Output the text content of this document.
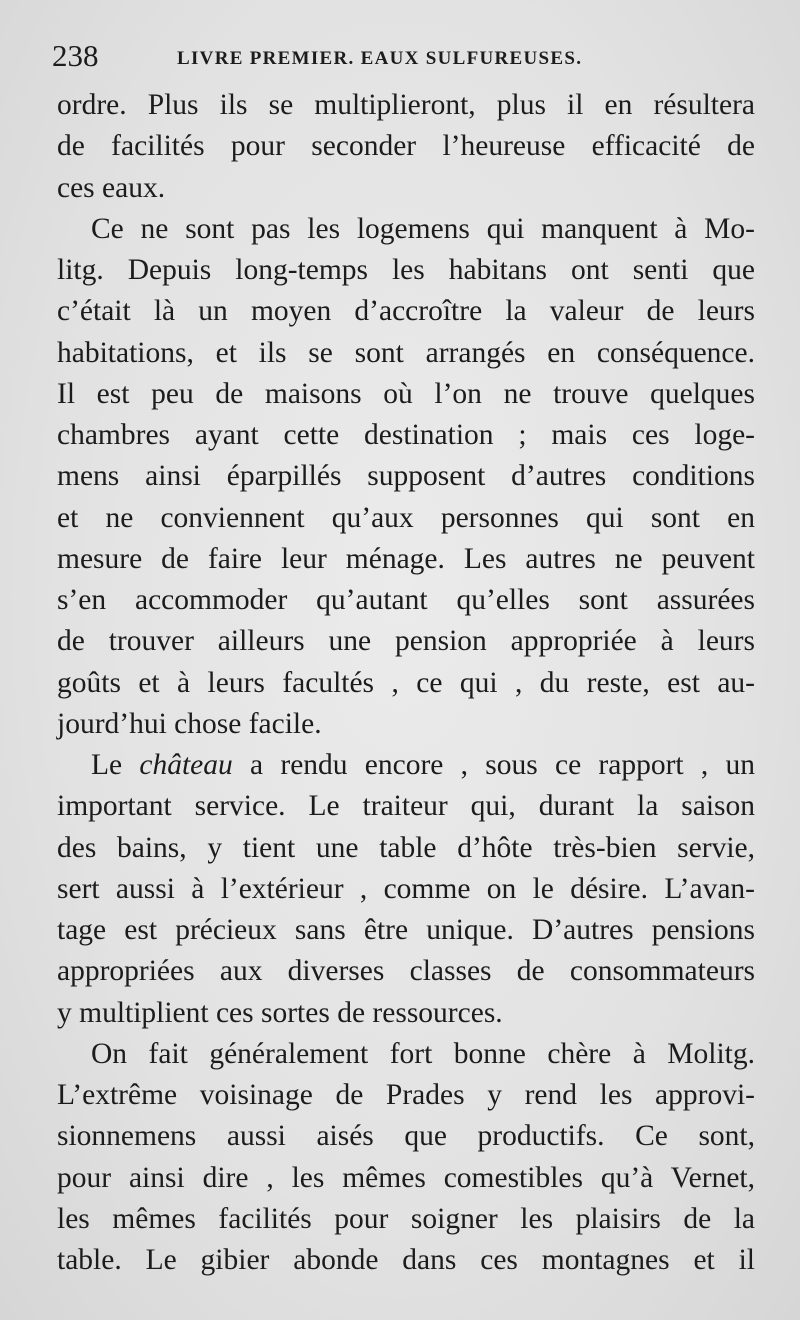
238	LIVRE PREMIER. EAUX SULFUREUSES.
ordre. Plus ils se multiplieront, plus il en résultera
de facilités pour seconder l’heureuse efficacité de
ces eaux.
Ce ne sont pas les logemens qui manquent à Mo-
litg. Depuis long-temps les habitans ont senti que
c’était là un moyen d’accroître la valeur de leurs
habitations, et ils se sont arrangés en conséquence.
Il est peu de maisons où l’on ne trouve quelques
chambres ayant cette destination ; mais ces loge-
mens ainsi éparpillés supposent d’autres conditions
et ne conviennent qu’aux personnes qui sont en
mesure de faire leur ménage. Les autres ne peuvent
s’en accommoder qu’autant qu’elles sont assurées
de trouver ailleurs une pension appropriée à leurs
goûts et à leurs facultés , ce qui , du reste, est au-
jourd’hui chose facile.
Le château a rendu encore , sous ce rapport , un
important service. Le traiteur qui, durant la saison
des bains, y tient une table d’hôte très-bien servie,
sert aussi à l’extérieur , comme on le désire. L’avan-
tage est précieux sans être unique. D’autres pensions
appropriées aux diverses classes de consommateurs
y multiplient ces sortes de ressources.
On fait généralement fort bonne chère à Molitg.
L’extrême voisinage de Prades y rend les approvi-
sionnemens aussi aisés que productifs. Ce sont,
pour ainsi dire , les mêmes comestibles qu’à Vernet,
les mêmes facilités pour soigner les plaisirs de la
table. Le gibier abonde dans ces montagnes et il
